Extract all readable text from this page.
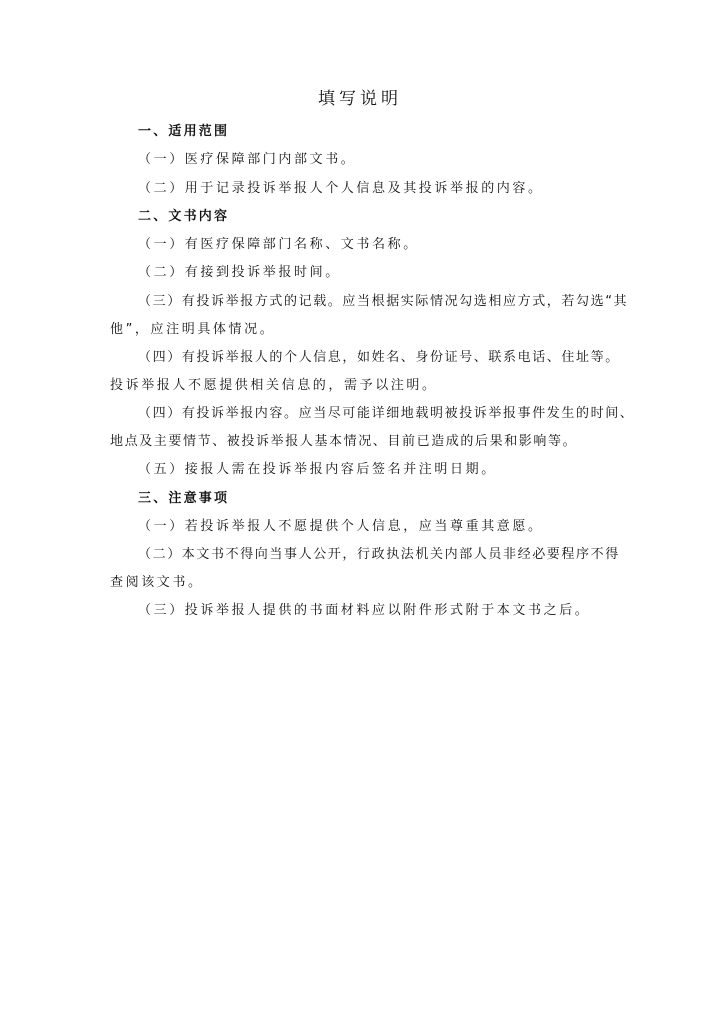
填写说明
一、适用范围
（一）医疗保障部门内部文书。
（二）用于记录投诉举报人个人信息及其投诉举报的内容。
二、文书内容
（一）有医疗保障部门名称、文书名称。
（二）有接到投诉举报时间。
（三）有投诉举报方式的记载。应当根据实际情况勾选相应方式，若勾选“其
他”，应注明具体情况。
（四）有投诉举报人的个人信息，如姓名、身份证号、联系电话、住址等。
投诉举报人不愿提供相关信息的，需予以注明。
（四）有投诉举报内容。应当尽可能详细地载明被投诉举报事件发生的时间、
地点及主要情节、被投诉举报人基本情况、目前已造成的后果和影响等。
（五）接报人需在投诉举报内容后签名并注明日期。
三、注意事项
（一）若投诉举报人不愿提供个人信息，应当尊重其意愿。
（二）本文书不得向当事人公开，行政执法机关内部人员非经必要程序不得
查阅该文书。
（三）投诉举报人提供的书面材料应以附件形式附于本文书之后。
